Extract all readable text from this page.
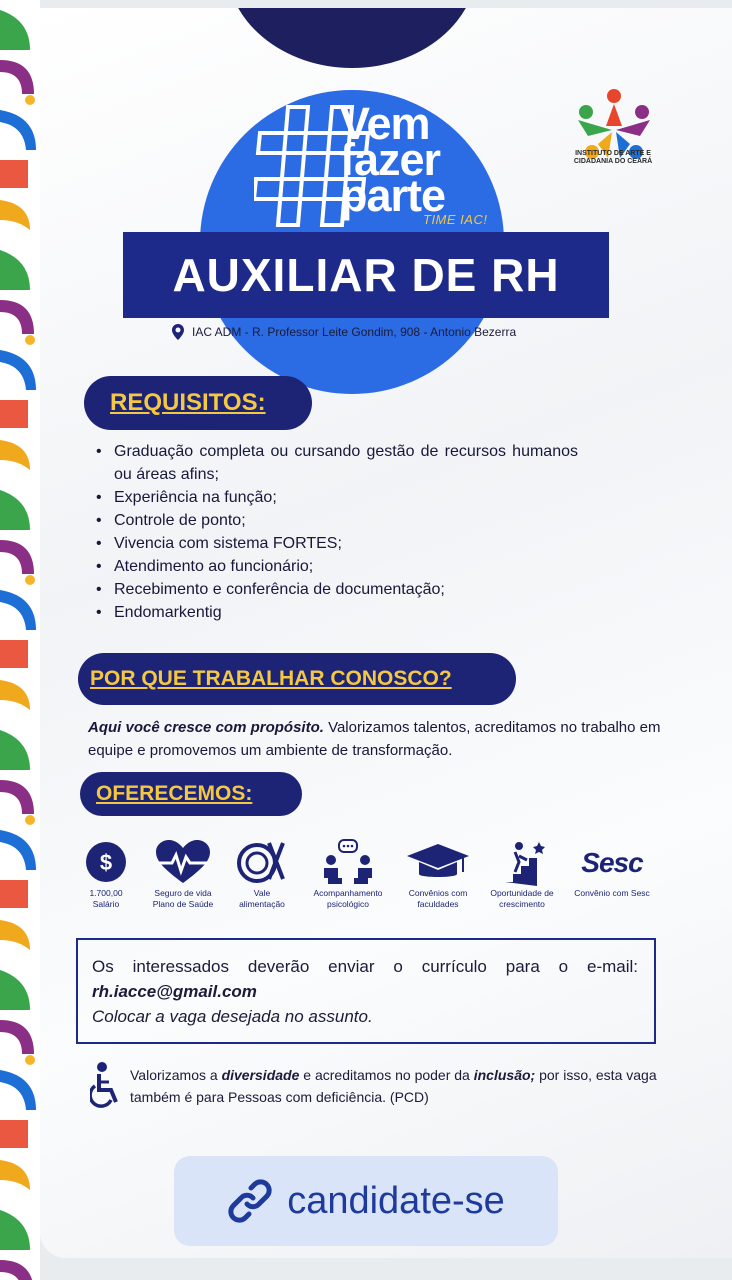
Vem
fazer
parte
TIME IAC!
AUXILIAR DE RH
INSTITUTO DE ARTE E
CIDADANIA DO CEARÁ
IAC ADM - R. Professor Leite Gondim, 908 - Antonio Bezerra
REQUISITOS:
• Graduação completa ou cursando gestão de recursos humanos ou áreas afins;
• Experiência na função;
• Controle de ponto;
• Vivencia com sistema FORTES;
• Atendimento ao funcionário;
• Recebimento e conferência de documentação;
• Endomarkentig
POR QUE TRABALHAR CONOSCO?
Aqui você cresce com propósito. Valorizamos talentos, acreditamos no trabalho em equipe e promovemos um ambiente de transformação.
OFERECEMOS:
$
1.700,00
Salário
Seguro de vida
Plano de Saúde
Vale
alimentação
Acompanhamento
psicológico
Convênios com
faculdades
Oportunidade de
crescimento
Sesc
Convênio com Sesc
Os interessados deverão enviar o currículo para o e-mail:
rh.iacce@gmail.com
Colocar a vaga desejada no assunto.
Valorizamos a diversidade e acreditamos no poder da inclusão; por isso, esta vaga também é para Pessoas com deficiência. (PCD)
candidate-se
